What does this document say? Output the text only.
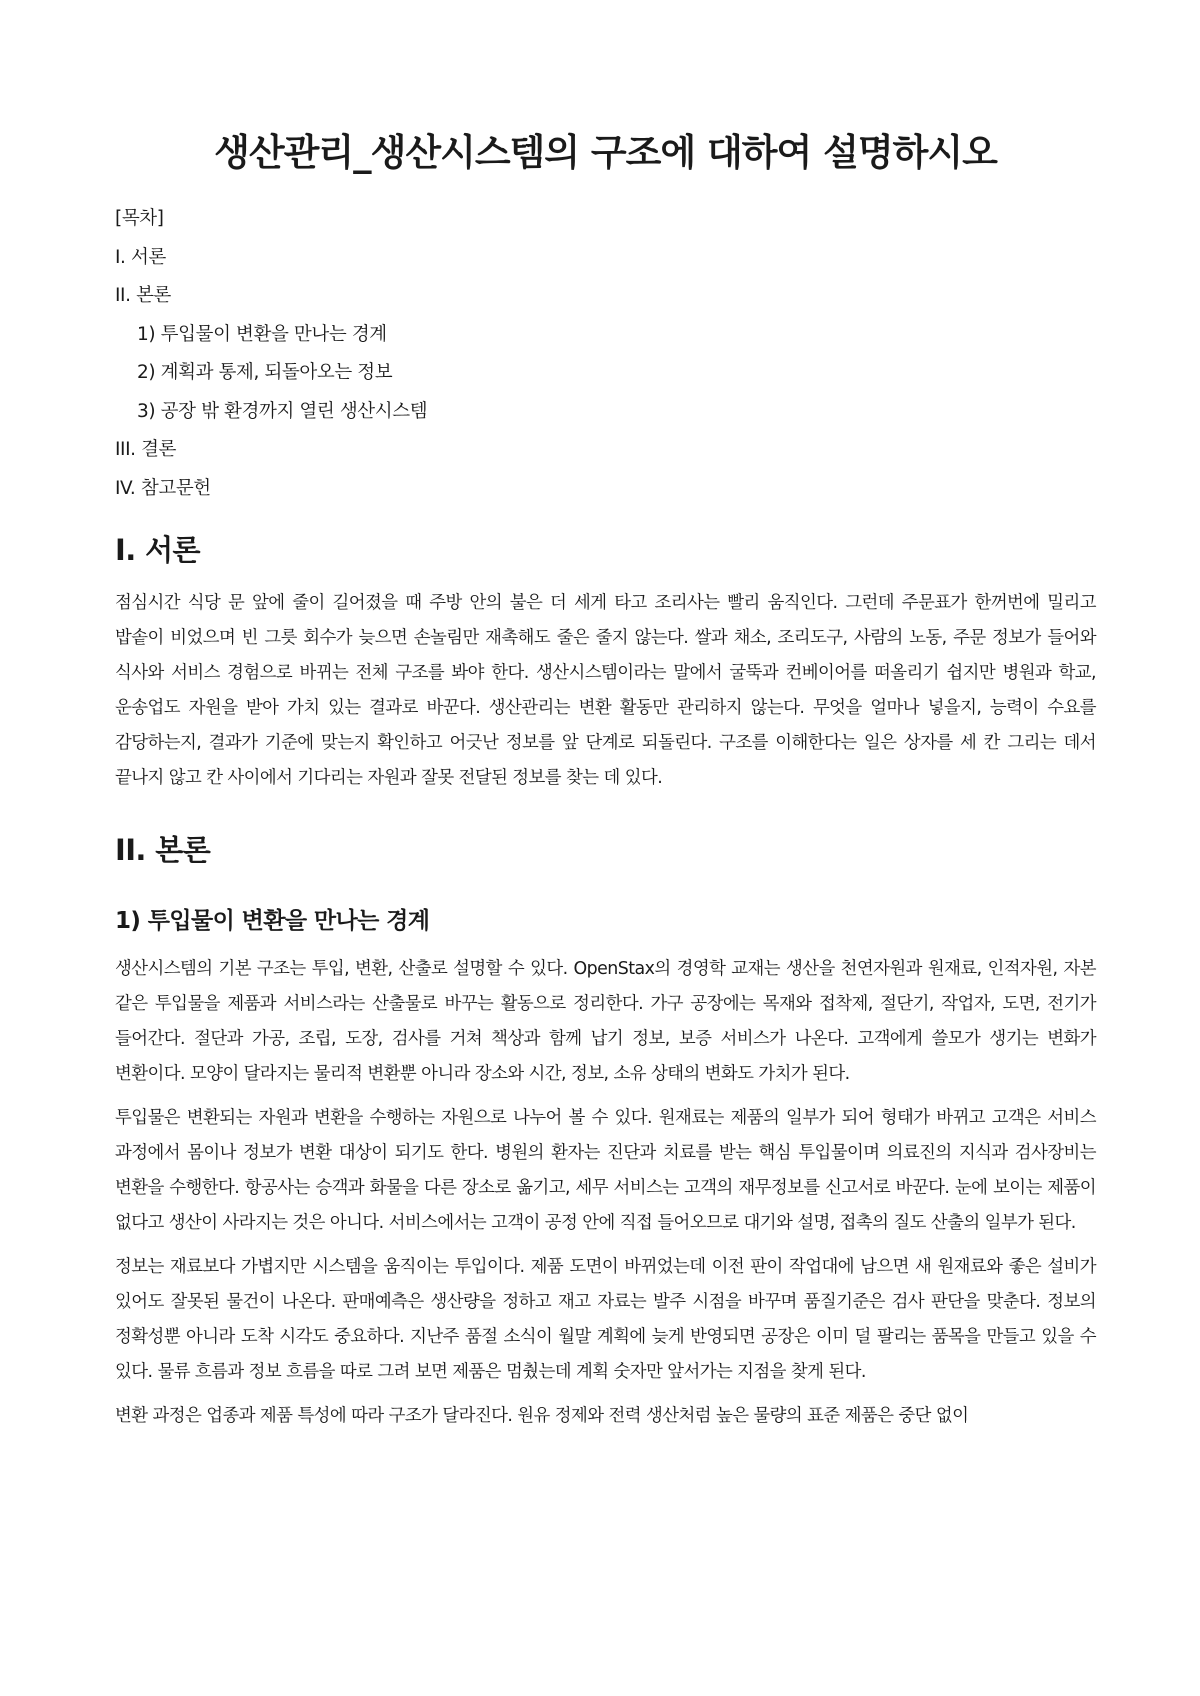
생산관리_생산시스템의 구조에 대하여 설명하시오
[목차]
I. 서론
II. 본론
1) 투입물이 변환을 만나는 경계
2) 계획과 통제, 되돌아오는 정보
3) 공장 밖 환경까지 열린 생산시스템
III. 결론
IV. 참고문헌
I. 서론

점심시간 식당 문 앞에 줄이 길어졌을 때 주방 안의 불은 더 세게 타고 조리사는 빨리 움직인다. 그런데 주문표가 한꺼번에 밀리고 밥솥이 비었으며 빈 그릇 회수가 늦으면 손놀림만 재촉해도 줄은 줄지 않는다. 쌀과 채소, 조리도구, 사람의 노동, 주문 정보가 들어와 식사와 서비스 경험으로 바뀌는 전체 구조를 봐야 한다. 생산시스템이라는 말에서 굴뚝과 컨베이어를 떠올리기 쉽지만 병원과 학교, 운송업도 자원을 받아 가치 있는 결과로 바꾼다. 생산관리는 변환 활동만 관리하지 않는다. 무엇을 얼마나 넣을지, 능력이 수요를 감당하는지, 결과가 기준에 맞는지 확인하고 어긋난 정보를 앞 단계로 되돌린다. 구조를 이해한다는 일은 상자를 세 칸 그리는 데서 끝나지 않고 칸 사이에서 기다리는 자원과 잘못 전달된 정보를 찾는 데 있다.

II. 본론
1) 투입물이 변환을 만나는 경계

생산시스템의 기본 구조는 투입, 변환, 산출로 설명할 수 있다. OpenStax의 경영학 교재는 생산을 천연자원과 원재료, 인적자원, 자본 같은 투입물을 제품과 서비스라는 산출물로 바꾸는 활동으로 정리한다. 가구 공장에는 목재와 접착제, 절단기, 작업자, 도면, 전기가 들어간다. 절단과 가공, 조립, 도장, 검사를 거쳐 책상과 함께 납기 정보, 보증 서비스가 나온다. 고객에게 쓸모가 생기는 변화가 변환이다. 모양이 달라지는 물리적 변환뿐 아니라 장소와 시간, 정보, 소유 상태의 변화도 가치가 된다.

투입물은 변환되는 자원과 변환을 수행하는 자원으로 나누어 볼 수 있다. 원재료는 제품의 일부가 되어 형태가 바뀌고 고객은 서비스 과정에서 몸이나 정보가 변환 대상이 되기도 한다. 병원의 환자는 진단과 치료를 받는 핵심 투입물이며 의료진의 지식과 검사장비는 변환을 수행한다. 항공사는 승객과 화물을 다른 장소로 옮기고, 세무 서비스는 고객의 재무정보를 신고서로 바꾼다. 눈에 보이는 제품이 없다고 생산이 사라지는 것은 아니다. 서비스에서는 고객이 공정 안에 직접 들어오므로 대기와 설명, 접촉의 질도 산출의 일부가 된다.

정보는 재료보다 가볍지만 시스템을 움직이는 투입이다. 제품 도면이 바뀌었는데 이전 판이 작업대에 남으면 새 원재료와 좋은 설비가 있어도 잘못된 물건이 나온다. 판매예측은 생산량을 정하고 재고 자료는 발주 시점을 바꾸며 품질기준은 검사 판단을 맞춘다. 정보의 정확성뿐 아니라 도착 시각도 중요하다. 지난주 품절 소식이 월말 계획에 늦게 반영되면 공장은 이미 덜 팔리는 품목을 만들고 있을 수 있다. 물류 흐름과 정보 흐름을 따로 그려 보면 제품은 멈췄는데 계획 숫자만 앞서가는 지점을 찾게 된다.

변환 과정은 업종과 제품 특성에 따라 구조가 달라진다. 원유 정제와 전력 생산처럼 높은 물량의 표준 제품은 중단 없이
